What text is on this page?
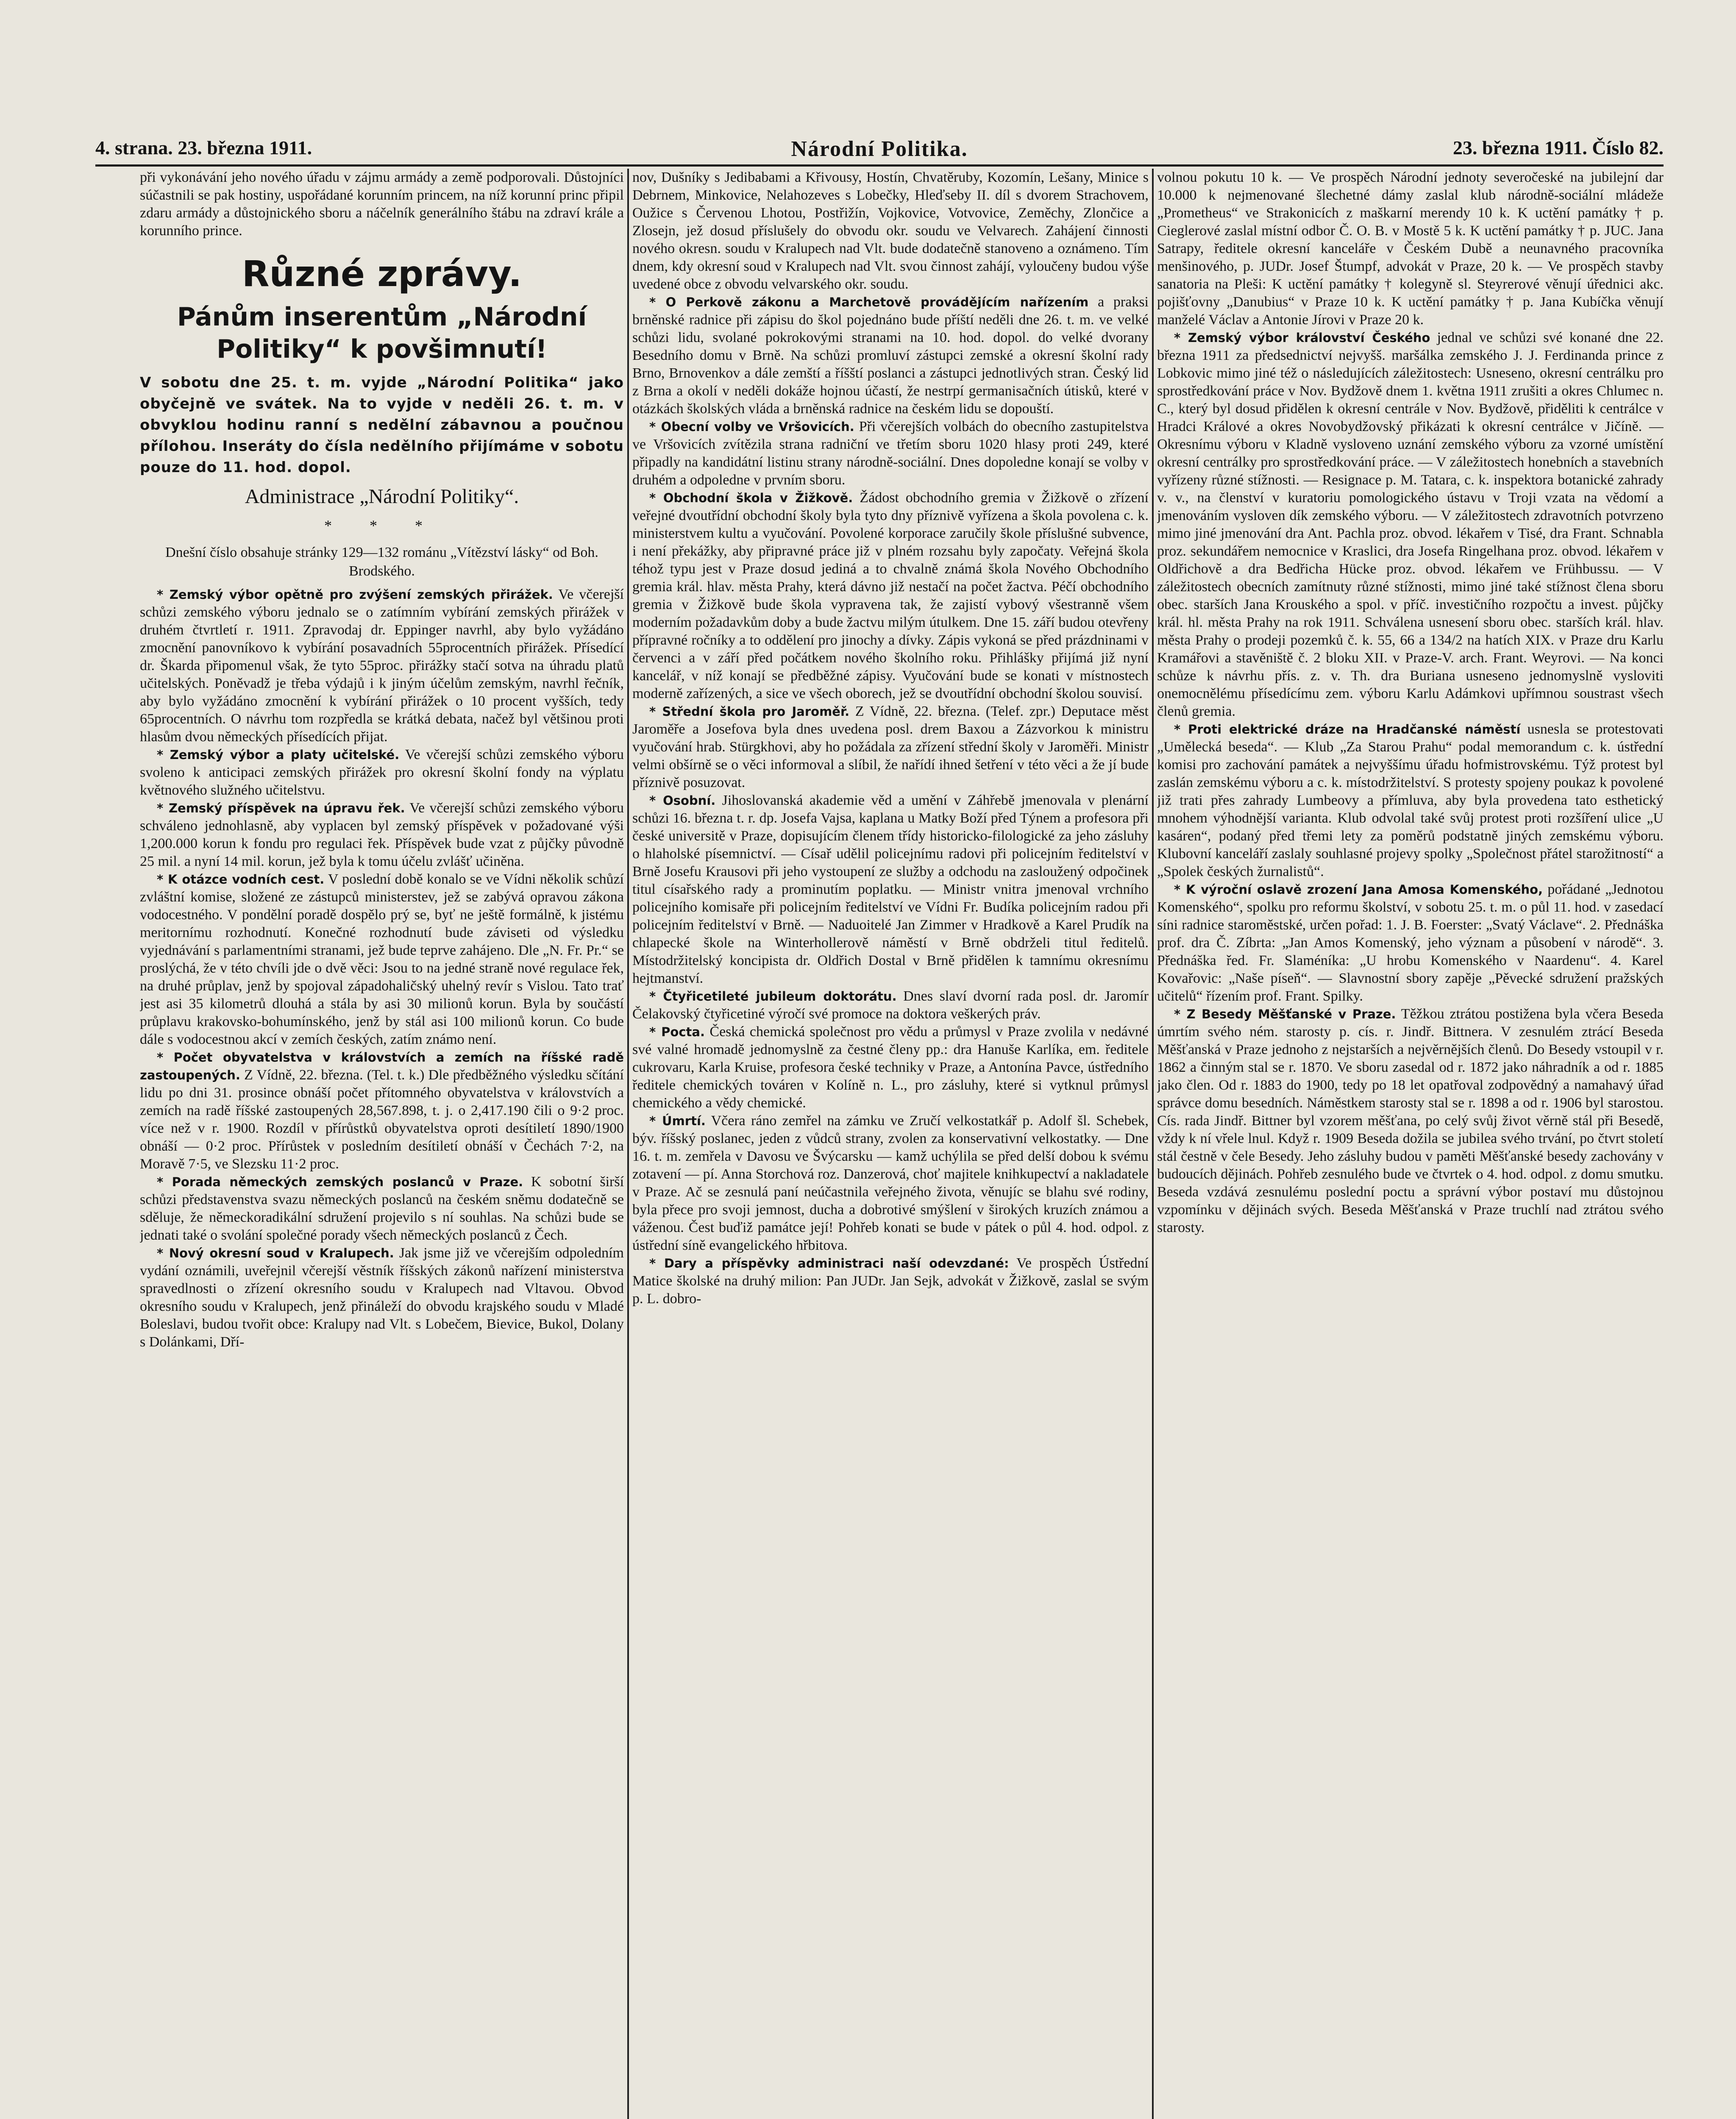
4. strana. 23. března 1911.	Národní Politika.	23. března 1911. Číslo 82.

při vykonávání jeho nového úřadu v zájmu armády a země podporovali. Důstojníci súčastnili se pak hostiny, uspořádané korunním princem, na níž korunní princ připil zdaru armády a důstojnického sboru a náčelník generálního štábu na zdraví krále a korunního prince.

Různé zprávy.
Pánům inserentům „Národní Politiky“ k povšimnutí!
V sobotu dne 25. t. m. vyjde „Národní Politika“ jako obyčejně ve svátek. Na to vyjde v neděli 26. t. m. v obvyklou hodinu ranní s nedělní zábavnou a poučnou přílohou. Inseráty do čísla nedělního přijímáme v sobotu pouze do 11. hod. dopol.
Administrace „Národní Politiky“.
* * *
Dnešní číslo obsahuje stránky 129—132 románu „Vítězství lásky“ od Boh. Brodského.

* Zemský výbor opětně pro zvýšení zemských přirážek. Ve včerejší schůzi zemského výboru jednalo se o zatímním vybírání zemských přirážek v druhém čtvrtletí r. 1911. Zpravodaj dr. Eppinger navrhl, aby bylo vyžádáno zmocnění panovníkovo k vybírání posavadních 55procentních přirážek. Přísedící dr. Škarda připomenul však, že tyto 55proc. přirážky stačí sotva na úhradu platů učitelských. Poněvadž je třeba výdajů i k jiným účelům zemským, navrhl řečník, aby bylo vyžádáno zmocnění k vybírání přirážek o 10 procent vyšších, tedy 65procentních. O návrhu tom rozpředla se krátká debata, načež byl většinou proti hlasům dvou německých přísedících přijat.

* Zemský výbor a platy učitelské. Ve včerejší schůzi zemského výboru svoleno k anticipaci zemských přirážek pro okresní školní fondy na výplatu květnového služného učitelstvu.

* Zemský příspěvek na úpravu řek. Ve včerejší schůzi zemského výboru schváleno jednohlasně, aby vyplacen byl zemský příspěvek v požadované výši 1,200.000 korun k fondu pro regulaci řek. Příspěvek bude vzat z půjčky původně 25 mil. a nyní 14 mil. korun, jež byla k tomu účelu zvlášť učiněna.

* K otázce vodních cest. V poslední době konalo se ve Vídni několik schůzí zvláštní komise, složené ze zástupců ministerstev, jež se zabývá opravou zákona vodocestného. V pondělní poradě dospělo prý se, byť ne ještě formálně, k jistému meritornímu rozhodnutí. Konečné rozhodnutí bude záviseti od výsledku vyjednávání s parlamentními stranami, jež bude teprve zahájeno. Dle „N. Fr. Pr.“ se proslýchá, že v této chvíli jde o dvě věci: Jsou to na jedné straně nové regulace řek, na druhé průplav, jenž by spojoval západohaličský uhelný revír s Vislou. Tato trať jest asi 35 kilometrů dlouhá a stála by asi 30 milionů korun. Byla by součástí průplavu krakovsko-bohumínského, jenž by stál asi 100 milionů korun. Co bude dále s vodocestnou akcí v zemích českých, zatím známo není.

* Počet obyvatelstva v královstvích a zemích na říšské radě zastoupených. Z Vídně, 22. března. (Tel. t. k.) Dle předběžného výsledku sčítání lidu po dni 31. prosince obnáší počet přítomného obyvatelstva v královstvích a zemích na radě říšské zastoupených 28,567.898, t. j. o 2,417.190 čili o 9·2 proc. více než v r. 1900. Rozdíl v přírůstků obyvatelstva oproti desítiletí 1890/1900 obnáší — 0·2 proc. Přírůstek v posledním desítiletí obnáší v Čechách 7·2, na Moravě 7·5, ve Slezsku 11·2 proc.

* Porada německých zemských poslanců v Praze. K sobotní širší schůzi představenstva svazu německých poslanců na českém sněmu dodatečně se sděluje, že německoradikální sdružení projevilo s ní souhlas. Na schůzi bude se jednati také o svolání společné porady všech německých poslanců z Čech.

* Nový okresní soud v Kralupech. Jak jsme již ve včerejším odpoledním vydání oznámili, uveřejnil včerejší věstník říšských zákonů nařízení ministerstva spravedlnosti o zřízení okresního soudu v Kralupech nad Vltavou. Obvod okresního soudu v Kralupech, jenž přináleží do obvodu krajského soudu v Mladé Boleslavi, budou tvořit obce: Kralupy nad Vlt. s Lobečem, Bievice, Bukol, Dolany s Dolánkami, Dří-

nov, Dušníky s Jedibabami a Křivousy, Hostín, Chvatěruby, Kozomín, Lešany, Minice s Debrnem, Minkovice, Nelahozeves s Lobečky, Hleďseby II. díl s dvorem Strachovem, Oužice s Červenou Lhotou, Postřižín, Vojkovice, Votvovice, Zeměchy, Zlončice a Zlosejn, jež dosud příslušely do obvodu okr. soudu ve Velvarech. Zahájení činnosti nového okresn. soudu v Kralupech nad Vlt. bude dodatečně stanoveno a oznámeno. Tím dnem, kdy okresní soud v Kralupech nad Vlt. svou činnost zahájí, vyloučeny budou výše uvedené obce z obvodu velvarského okr. soudu.

* O Perkově zákonu a Marchetově provádějícím nařízením a praksi brněnské radnice při zápisu do škol pojednáno bude příští neděli dne 26. t. m. ve velké schůzi lidu, svolané pokrokovými stranami na 10. hod. dopol. do velké dvorany Besedního domu v Brně. Na schůzi promluví zástupci zemské a okresní školní rady Brno, Brnovenkov a dále zemští a říšští poslanci a zástupci jednotlivých stran. Český lid z Brna a okolí v neděli dokáže hojnou účastí, že nestrpí germanisačních útisků, které v otázkách školských vláda a brněnská radnice na českém lidu se dopouští.

* Obecní volby ve Vršovicích. Při včerejších volbách do obecního zastupitelstva ve Vršovicích zvítězila strana radniční ve třetím sboru 1020 hlasy proti 249, které připadly na kandidátní listinu strany národně-sociální. Dnes dopoledne konají se volby v druhém a odpoledne v prvním sboru.

* Obchodní škola v Žižkově. Žádost obchodního gremia v Žižkově o zřízení veřejné dvoutřídní obchodní školy byla tyto dny příznivě vyřízena a škola povolena c. k. ministerstvem kultu a vyučování. Povolené korporace zaručily škole příslušné subvence, i není překážky, aby připravné práce již v plném rozsahu byly započaty. Veřejná škola téhož typu jest v Praze dosud jediná a to chvalně známá škola Nového Obchodního gremia král. hlav. města Prahy, která dávno již nestačí na počet žactva. Péčí obchodního gremia v Žižkově bude škola vypravena tak, že zajistí vybový všestranně všem moderním požadavkům doby a bude žactvu milým útulkem. Dne 15. září budou otevřeny přípravné ročníky a to oddělení pro jinochy a dívky. Zápis vykoná se před prázdninami v červenci a v září před počátkem nového školního roku. Přihlášky přijímá již nyní kancelář, v níž konají se předběžné zápisy. Vyučování bude se konati v místnostech moderně zařízených, a sice ve všech oborech, jež se dvoutřídní obchodní školou souvisí.

* Střední škola pro Jaroměř. Z Vídně, 22. března. (Telef. zpr.) Deputace měst Jaroměře a Josefova byla dnes uvedena posl. drem Baxou a Zázvorkou k ministru vyučování hrab. Stürgkhovi, aby ho požádala za zřízení střední školy v Jaroměři. Ministr velmi obšírně se o věci informoval a slíbil, že nařídí ihned šetření v této věci a že jí bude příznivě posuzovat.

* Osobní. Jihoslovanská akademie věd a umění v Záhřebě jmenovala v plenární schůzi 16. března t. r. dp. Josefa Vajsa, kaplana u Matky Boží před Týnem a profesora při české universitě v Praze, dopisujícím členem třídy historicko-filologické za jeho zásluhy o hlaholské písemnictví. — Císař udělil policejnímu radovi při policejním ředitelství v Brně Josefu Krausovi při jeho vystoupení ze služby a odchodu na zasloužený odpočinek titul císařského rady a prominutím poplatku. — Ministr vnitra jmenoval vrchního policejního komisaře při policejním ředitelství ve Vídni Fr. Budíka policejním radou při policejním ředitelství v Brně. — Naduoitelé Jan Zimmer v Hradkově a Karel Prudík na chlapecké škole na Winterhollerově náměstí v Brně obdrželi titul ředitelů. Místodržitelský koncipista dr. Oldřich Dostal v Brně přidělen k tamnímu okresnímu hejtmanství.

* Čtyřicetileté jubileum doktorátu. Dnes slaví dvorní rada posl. dr. Jaromír Čelakovský čtyřicetiné výročí své promoce na doktora veškerých práv.

* Pocta. Česká chemická společnost pro vědu a průmysl v Praze zvolila v nedávné své valné hromadě jednomyslně za čestné členy pp.: dra Hanuše Karlíka, em. ředitele cukrovaru, Karla Kruise, profesora české techniky v Praze, a Antonína Pavce, ústředního ředitele chemických továren v Kolíně n. L., pro zásluhy, které si vytknul průmysl chemického a vědy chemické.

* Úmrtí. Včera ráno zemřel na zámku ve Zručí velkostatkář p. Adolf šl. Schebek, býv. říšský poslanec, jeden z vůdců strany, zvolen za konservativní velkostatky. — Dne 16. t. m. zemřela v Davosu ve Švýcarsku — kamž uchýlila se před delší dobou k svému zotavení — pí. Anna Storchová roz. Danzerová, choť majitele knihkupectví a nakladatele v Praze. Ač se zesnulá paní neúčastnila veřejného života, věnujíc se blahu své rodiny, byla přece pro svoji jemnost, ducha a dobrotivé smýšlení v širokých kruzích známou a váženou. Čest buďiž památce její! Pohřeb konati se bude v pátek o půl 4. hod. odpol. z ústřední síně evangelického hřbitova.

* Dary a příspěvky administraci naší odevzdané: Ve prospěch Ústřední Matice školské na druhý milion: Pan JUDr. Jan Sejk, advokát v Žižkově, zaslal se svým p. L. dobro-

volnou pokutu 10 k. — Ve prospěch Národní jednoty severočeské na jubilejní dar 10.000 k nejmenované šlechetné dámy zaslal klub národně-sociální mládeže „Prometheus“ ve Strakonicích z maškarní merendy 10 k. K uctění památky † p. Cieglerové zaslal místní odbor Č. O. B. v Mostě 5 k. K uctění památky † p. JUC. Jana Satrapy, ředitele okresní kanceláře v Českém Dubě a neunavného pracovníka menšinového, p. JUDr. Josef Štumpf, advokát v Praze, 20 k. — Ve prospěch stavby sanatoria na Pleši: K uctění památky † kolegyně sl. Steyrerové věnují úřednici akc. pojišťovny „Danubius“ v Praze 10 k. K uctění památky † p. Jana Kubíčka věnují manželé Václav a Antonie Jírovi v Praze 20 k.

* Zemský výbor království Českého jednal ve schůzi své konané dne 22. března 1911 za předsednictví nejvyšš. maršálka zemského J. J. Ferdinanda prince z Lobkovic mimo jiné též o následujících záležitostech: Usneseno, okresní centrálku pro sprostředkování práce v Nov. Bydžově dnem 1. května 1911 zrušiti a okres Chlumec n. C., který byl dosud přidělen k okresní centrále v Nov. Bydžově, přiděliti k centrálce v Hradci Králové a okres Novobydžovský přikázati k okresní centrálce v Jičíně. — Okresnímu výboru v Kladně vysloveno uznání zemského výboru za vzorné umístění okresní centrálky pro sprostředkování práce. — V záležitostech honebních a stavebních vyřízeny různé stížnosti. — Resignace p. M. Tatara, c. k. inspektora botanické zahrady v. v., na členství v kuratoriu pomologického ústavu v Troji vzata na vědomí a jmenováním vysloven dík zemského výboru. — V záležitostech zdravotních potvrzeno mimo jiné jmenování dra Ant. Pachla proz. obvod. lékařem v Tisé, dra Frant. Schnabla proz. sekundářem nemocnice v Kraslici, dra Josefa Ringelhana proz. obvod. lékařem v Oldřichově a dra Bedřicha Hücke proz. obvod. lékařem ve Frühbussu. — V záležitostech obecních zamítnuty různé stížnosti, mimo jiné také stížnost člena sboru obec. starších Jana Krouského a spol. v příč. investičního rozpočtu a invest. půjčky král. hl. města Prahy na rok 1911. Schválena usnesení sboru obec. starších král. hlav. města Prahy o prodeji pozemků č. k. 55, 66 a 134/2 na hatích XIX. v Praze dru Karlu Kramářovi a stavěniště č. 2 bloku XII. v Praze-V. arch. Frant. Weyrovi. — Na konci schůze k návrhu přís. z. v. Th. dra Buriana usneseno jednomyslně vysloviti onemocnělému přísedícímu zem. výboru Karlu Adámkovi upřímnou soustrast všech členů gremia.

* Proti elektrické dráze na Hradčanské náměstí usnesla se protestovati „Umělecká beseda“. — Klub „Za Starou Prahu“ podal memorandum c. k. ústřední komisi pro zachování památek a nejvyššímu úřadu hofmistrovskému. Týž protest byl zaslán zemskému výboru a c. k. místodržitelství. S protesty spojeny poukaz k povolené již trati přes zahrady Lumbeovy a přímluva, aby byla provedena tato esthetický mnohem výhodnější varianta. Klub odvolal také svůj protest proti rozšíření ulice „U kasáren“, podaný před třemi lety za poměrů podstatně jiných zemskému výboru. Klubovní kanceláří zaslaly souhlasné projevy spolky „Společnost přátel starožitností“ a „Spolek českých žurnalistů“.

* K výroční oslavě zrození Jana Amosa Komenského, pořádané „Jednotou Komenského“, spolku pro reformu školství, v sobotu 25. t. m. o půl 11. hod. v zasedací síni radnice staroměstské, určen pořad: 1. J. B. Foerster: „Svatý Václave“. 2. Přednáška prof. dra Č. Zíbrta: „Jan Amos Komenský, jeho význam a působení v národě“. 3. Přednáška řed. Fr. Slaméníka: „U hrobu Komenského v Naardenu“. 4. Karel Kovařovic: „Naše píseň“. — Slavnostní sbory zapěje „Pěvecké sdružení pražských učitelů“ řízením prof. Frant. Spilky.

* Z Besedy Měšťanské v Praze. Těžkou ztrátou postižena byla včera Beseda úmrtím svého ném. starosty p. cís. r. Jindř. Bittnera. V zesnulém ztrácí Beseda Měšťanská v Praze jednoho z nejstarších a nejvěrnějších členů. Do Besedy vstoupil v r. 1862 a činným stal se r. 1870. Ve sboru zasedal od r. 1872 jako náhradník a od r. 1885 jako člen. Od r. 1883 do 1900, tedy po 18 let opatřoval zodpovědný a namahavý úřad správce domu besedních. Náměstkem starosty stal se r. 1898 a od r. 1906 byl starostou. Cís. rada Jindř. Bittner byl vzorem měšťana, po celý svůj život věrně stál při Besedě, vždy k ní vřele lnul. Když r. 1909 Beseda dožila se jubilea svého trvání, po čtvrt století stál čestně v čele Besedy. Jeho zásluhy budou v paměti Měšťanské besedy zachovány v budoucích dějinách. Pohřeb zesnulého bude ve čtvrtek o 4. hod. odpol. z domu smutku. Beseda vzdává zesnulému poslední poctu a správní výbor postaví mu důstojnou vzpomínku v dějinách svých. Beseda Měšťanská v Praze truchlí nad ztrátou svého starosty.
